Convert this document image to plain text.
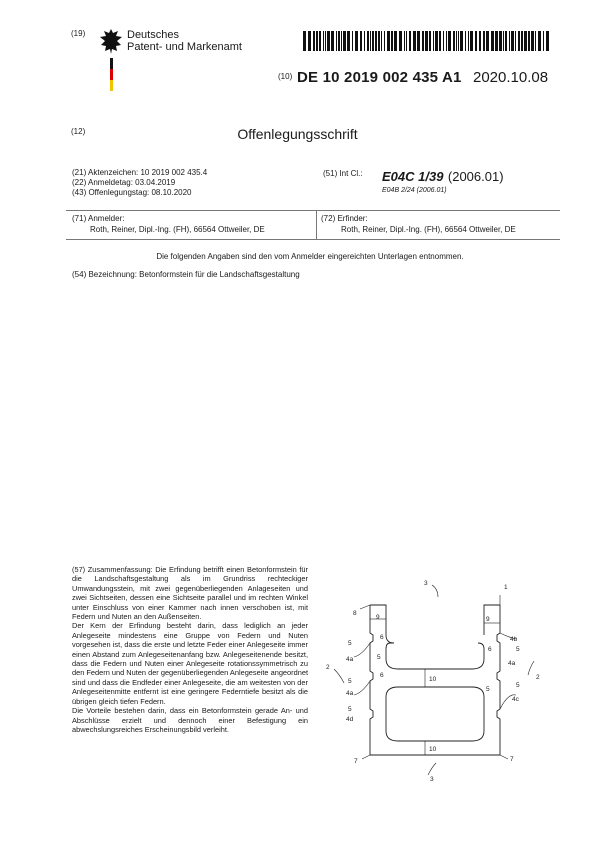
(19)	Deutsches
Patent- und Markenamt
(10) DE 10 2019 002 435 A1 2020.10.08
(12)	Offenlegungsschrift
(21) Aktenzeichen: 10 2019 002 435.4
(22) Anmeldetag: 03.04.2019
(43) Offenlegungstag: 08.10.2020
(51) Int Cl.: E04C 1/39 (2006.01)
E04B 2/24 (2006.01)
(71) Anmelder:
Roth, Reiner, Dipl.-Ing. (FH), 66564 Ottweiler, DE
(72) Erfinder:
Roth, Reiner, Dipl.-Ing. (FH), 66564 Ottweiler, DE
Die folgenden Angaben sind den vom Anmelder eingereichten Unterlagen entnommen.
(54) Bezeichnung: Betonformstein für die Landschaftsgestaltung

(57) Zusammenfassung: Die Erfindung betrifft einen Betonformstein für die Landschaftsgestaltung als im Grundriss rechteckiger Umwandungsstein, mit zwei gegenüberliegenden Anlageseiten und zwei Sichtseiten, dessen eine Sichtseite parallel und im rechten Winkel unter Einschluss von einer Kammer nach innen verschoben ist, mit Federn und Nuten an den Außenseiten.

Der Kern der Erfindung besteht darin, dass lediglich an jeder Anlegeseite mindestens eine Gruppe von Federn und Nuten vorgesehen ist, dass die erste und letzte Feder einer Anlegeseite immer einen Abstand zum Anlegeseitenanfang bzw. Anlegeseitenende besitzt, dass die Federn und Nuten einer Anlegeseite rotationssymmetrisch zu den Federn und Nuten der gegenüberliegenden Anlegeseite angeordnet sind und dass die Endfeder einer Anlegeseite, die am weitesten von der Anlegeseitenmitte entfernt ist eine geringere Federntiefe besitzt als die übrigen gleich tiefen Federn.

Die Vorteile bestehen darin, dass ein Betonformstein gerade An- und Abschlüsse erzielt und dennoch einer Befestigung ein abwechslungsreiches Erscheinungsbild verleiht.

3
3
1
8
9	9
10
10
2
2
4a
4a
4d
4b
4a
4c
5
5
5
5
5
5
5
6
6
6
7	7
